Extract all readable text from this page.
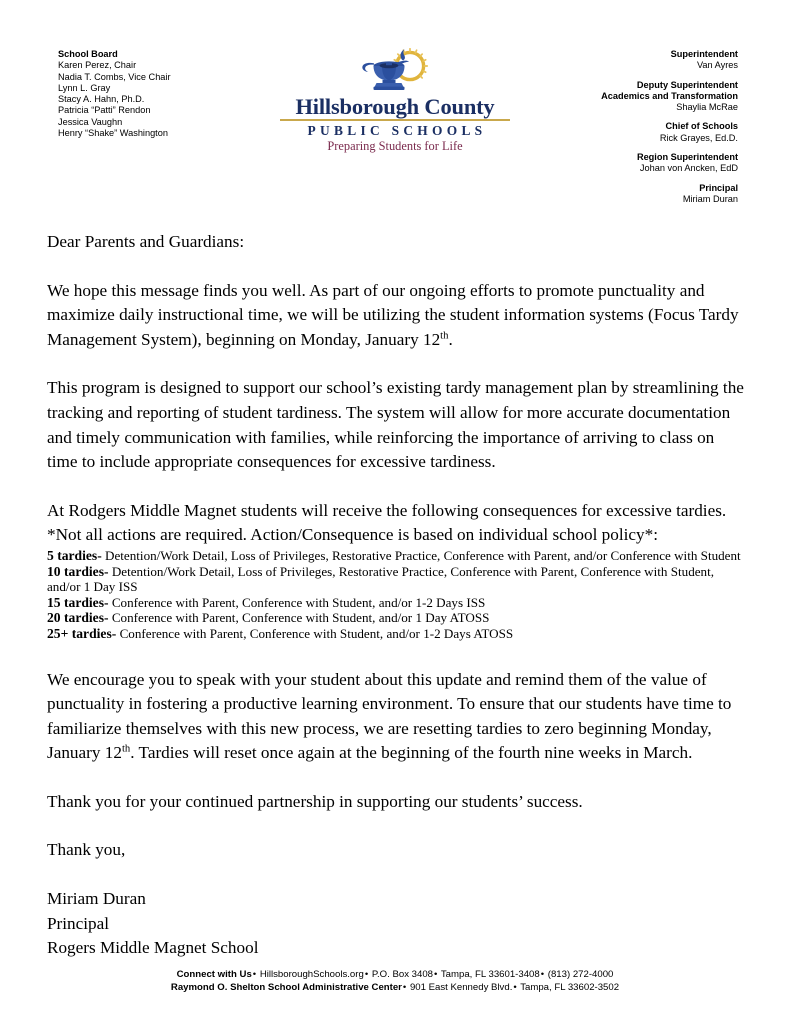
School Board
Karen Perez, Chair
Nadia T. Combs, Vice Chair
Lynn L. Gray
Stacy A. Hahn, Ph.D.
Patricia “Patti” Rendon
Jessica Vaughn
Henry “Shake” Washington
Hillsborough County
PUBLIC SCHOOLS
Preparing Students for Life
Superintendent
Van Ayres
Deputy Superintendent
Academics and Transformation
Shaylia McRae
Chief of Schools
Rick Grayes, Ed.D.
Region Superintendent
Johan von Ancken, EdD
Principal
Miriam Duran

Dear Parents and Guardians:

We hope this message finds you well. As part of our ongoing efforts to promote punctuality and maximize daily instructional time, we will be utilizing the student information systems (Focus Tardy Management System), beginning on Monday, January 12th.

This program is designed to support our school’s existing tardy management plan by streamlining the tracking and reporting of student tardiness. The system will allow for more accurate documentation and timely communication with families, while reinforcing the importance of arriving to class on time to include appropriate consequences for excessive tardiness.

At Rodgers Middle Magnet students will receive the following consequences for excessive tardies. *Not all actions are required. Action/Consequence is based on individual school policy*:

5 tardies- Detention/Work Detail, Loss of Privileges, Restorative Practice, Conference with Parent, and/or Conference with Student

10 tardies- Detention/Work Detail, Loss of Privileges, Restorative Practice, Conference with Parent, Conference with Student, and/or 1 Day ISS

15 tardies- Conference with Parent, Conference with Student, and/or 1-2 Days ISS

20 tardies- Conference with Parent, Conference with Student, and/or 1 Day ATOSS

25+ tardies- Conference with Parent, Conference with Student, and/or 1-2 Days ATOSS

We encourage you to speak with your student about this update and remind them of the value of punctuality in fostering a productive learning environment. To ensure that our students have time to familiarize themselves with this new process, we are resetting tardies to zero beginning Monday, January 12th. Tardies will reset once again at the beginning of the fourth nine weeks in March.

Thank you for your continued partnership in supporting our students’ success.

Thank you,

Miriam Duran

Principal

Rogers Middle Magnet School

Connect with Us• HillsboroughSchools.org• P.O. Box 3408• Tampa, FL 33601-3408• (813) 272-4000
Raymond O. Shelton School Administrative Center• 901 East Kennedy Blvd.• Tampa, FL 33602-3502
